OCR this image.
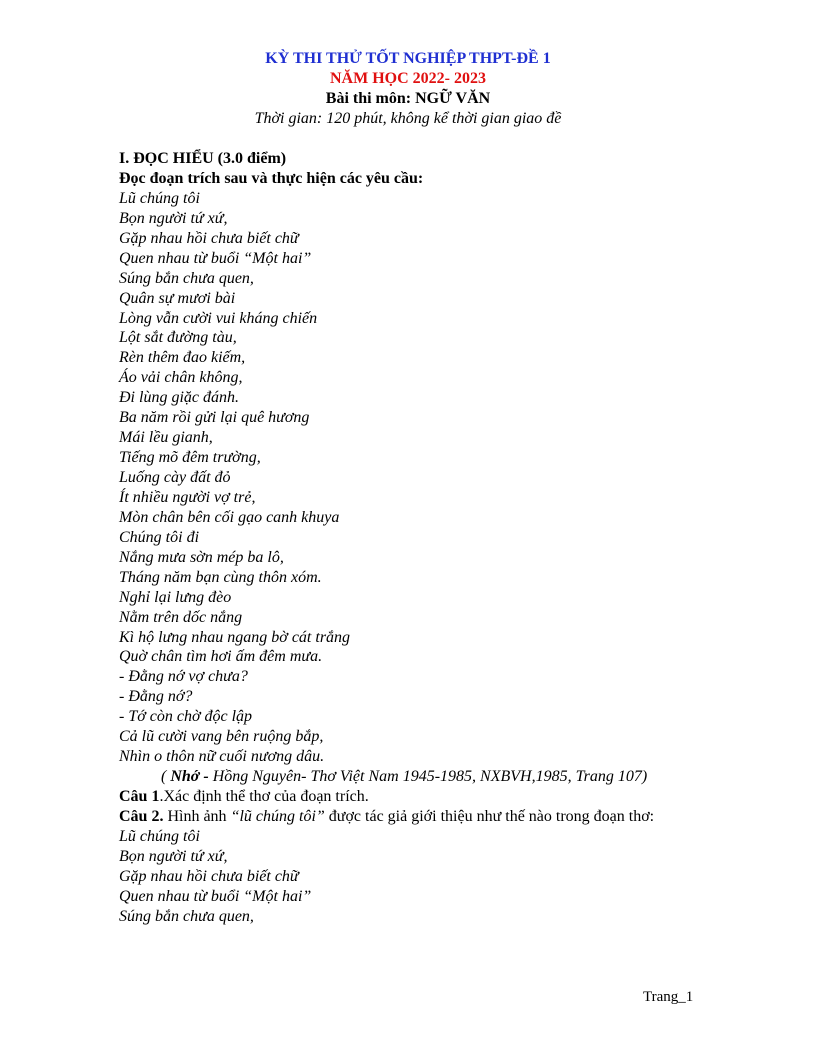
KỲ THI THỬ TỐT NGHIỆP THPT-ĐỀ 1
NĂM HỌC 2022- 2023
Bài thi môn: NGỮ VĂN
Thời gian: 120 phút, không kể thời gian giao đề
I. ĐỌC HIỂU (3.0 điểm)
Đọc đoạn trích sau và thực hiện các yêu cầu:
Lũ chúng tôi
Bọn người tứ xứ,
Gặp nhau hồi chưa biết chữ
Quen nhau từ buổi “Một hai”
Súng bắn chưa quen,
Quân sự mươi bài
Lòng vẫn cười vui kháng chiến
Lột sắt đường tàu,
Rèn thêm đao kiếm,
Áo vải chân không,
Đi lùng giặc đánh.
Ba năm rồi gửi lại quê hương
Mái lều gianh,
Tiếng mõ đêm trường,
Luống cày đất đỏ
Ít nhiều người vợ trẻ,
Mòn chân bên cối gạo canh khuya
Chúng tôi đi
Nắng mưa sờn mép ba lô,
Tháng năm bạn cùng thôn xóm.
Nghỉ lại lưng đèo
Nằm trên dốc nắng
Kì hộ lưng nhau ngang bờ cát trắng
Quờ chân tìm hơi ấm đêm mưa.
- Đằng nớ vợ chưa?
- Đằng nớ?
- Tớ còn chờ độc lập
Cả lũ cười vang bên ruộng bắp,
Nhìn o thôn nữ cuối nương dâu.
( Nhớ - Hồng Nguyên- Thơ Việt Nam 1945-1985, NXBVH,1985, Trang 107)
Câu 1.Xác định thể thơ của đoạn trích.
Câu 2. Hình ảnh “lũ chúng tôi” được tác giả giới thiệu như thế nào trong đoạn thơ:
Lũ chúng tôi
Bọn người tứ xứ,
Gặp nhau hồi chưa biết chữ
Quen nhau từ buổi “Một hai”
Súng bắn chưa quen,
Trang_1
